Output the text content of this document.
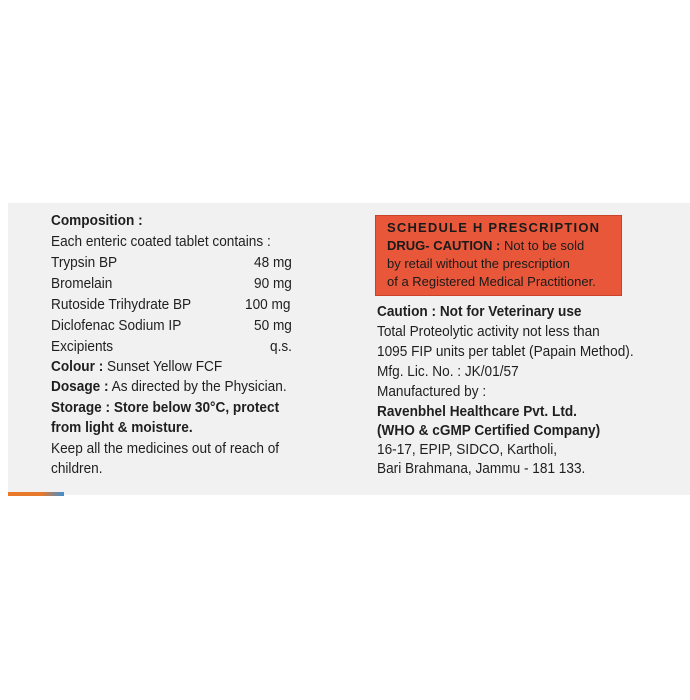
Composition :
Each enteric coated tablet contains :
Trypsin BP	48 mg
Bromelain	90 mg
Rutoside Trihydrate BP	100 mg
Diclofenac Sodium IP	50 mg
Excipients	q.s.
Colour : Sunset Yellow FCF
Dosage : As directed by the Physician.
Storage : Store below 30°C, protect
from light & moisture.
Keep all the medicines out of reach of
children.
SCHEDULE H PRESCRIPTION
DRUG- CAUTION : Not to be sold
by retail without the prescription
of a Registered Medical Practitioner.
Caution : Not for Veterinary use
Total Proteolytic activity not less than
1095 FIP units per tablet (Papain Method).
Mfg. Lic. No. : JK/01/57
Manufactured by :
Ravenbhel Healthcare Pvt. Ltd.
(WHO & cGMP Certified Company)
16-17, EPIP, SIDCO, Kartholi,
Bari Brahmana, Jammu - 181 133.
